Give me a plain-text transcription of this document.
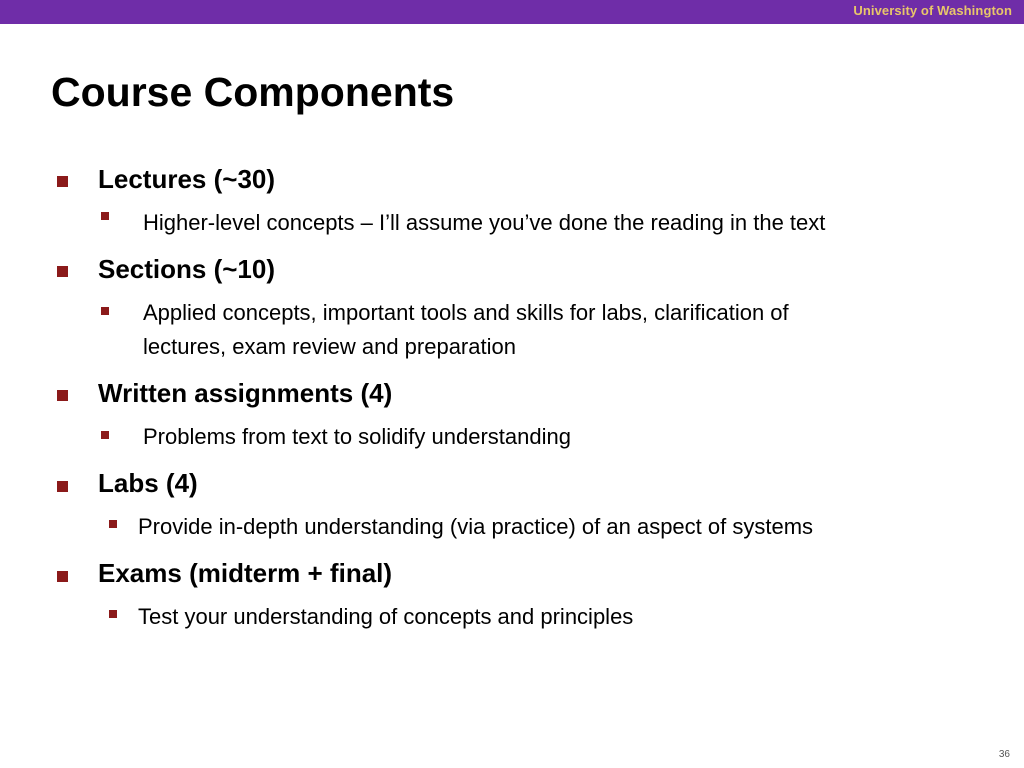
University of Washington
Course Components
Lectures (~30)
Higher-level concepts – I’ll assume you’ve done the reading in the text
Sections (~10)
Applied concepts, important tools and skills for labs, clarification of
lectures, exam review and preparation
Written assignments (4)
Problems from text to solidify understanding
Labs (4)
Provide in-depth understanding (via practice) of an aspect of systems
Exams (midterm + final)
Test your understanding of concepts and principles
36
